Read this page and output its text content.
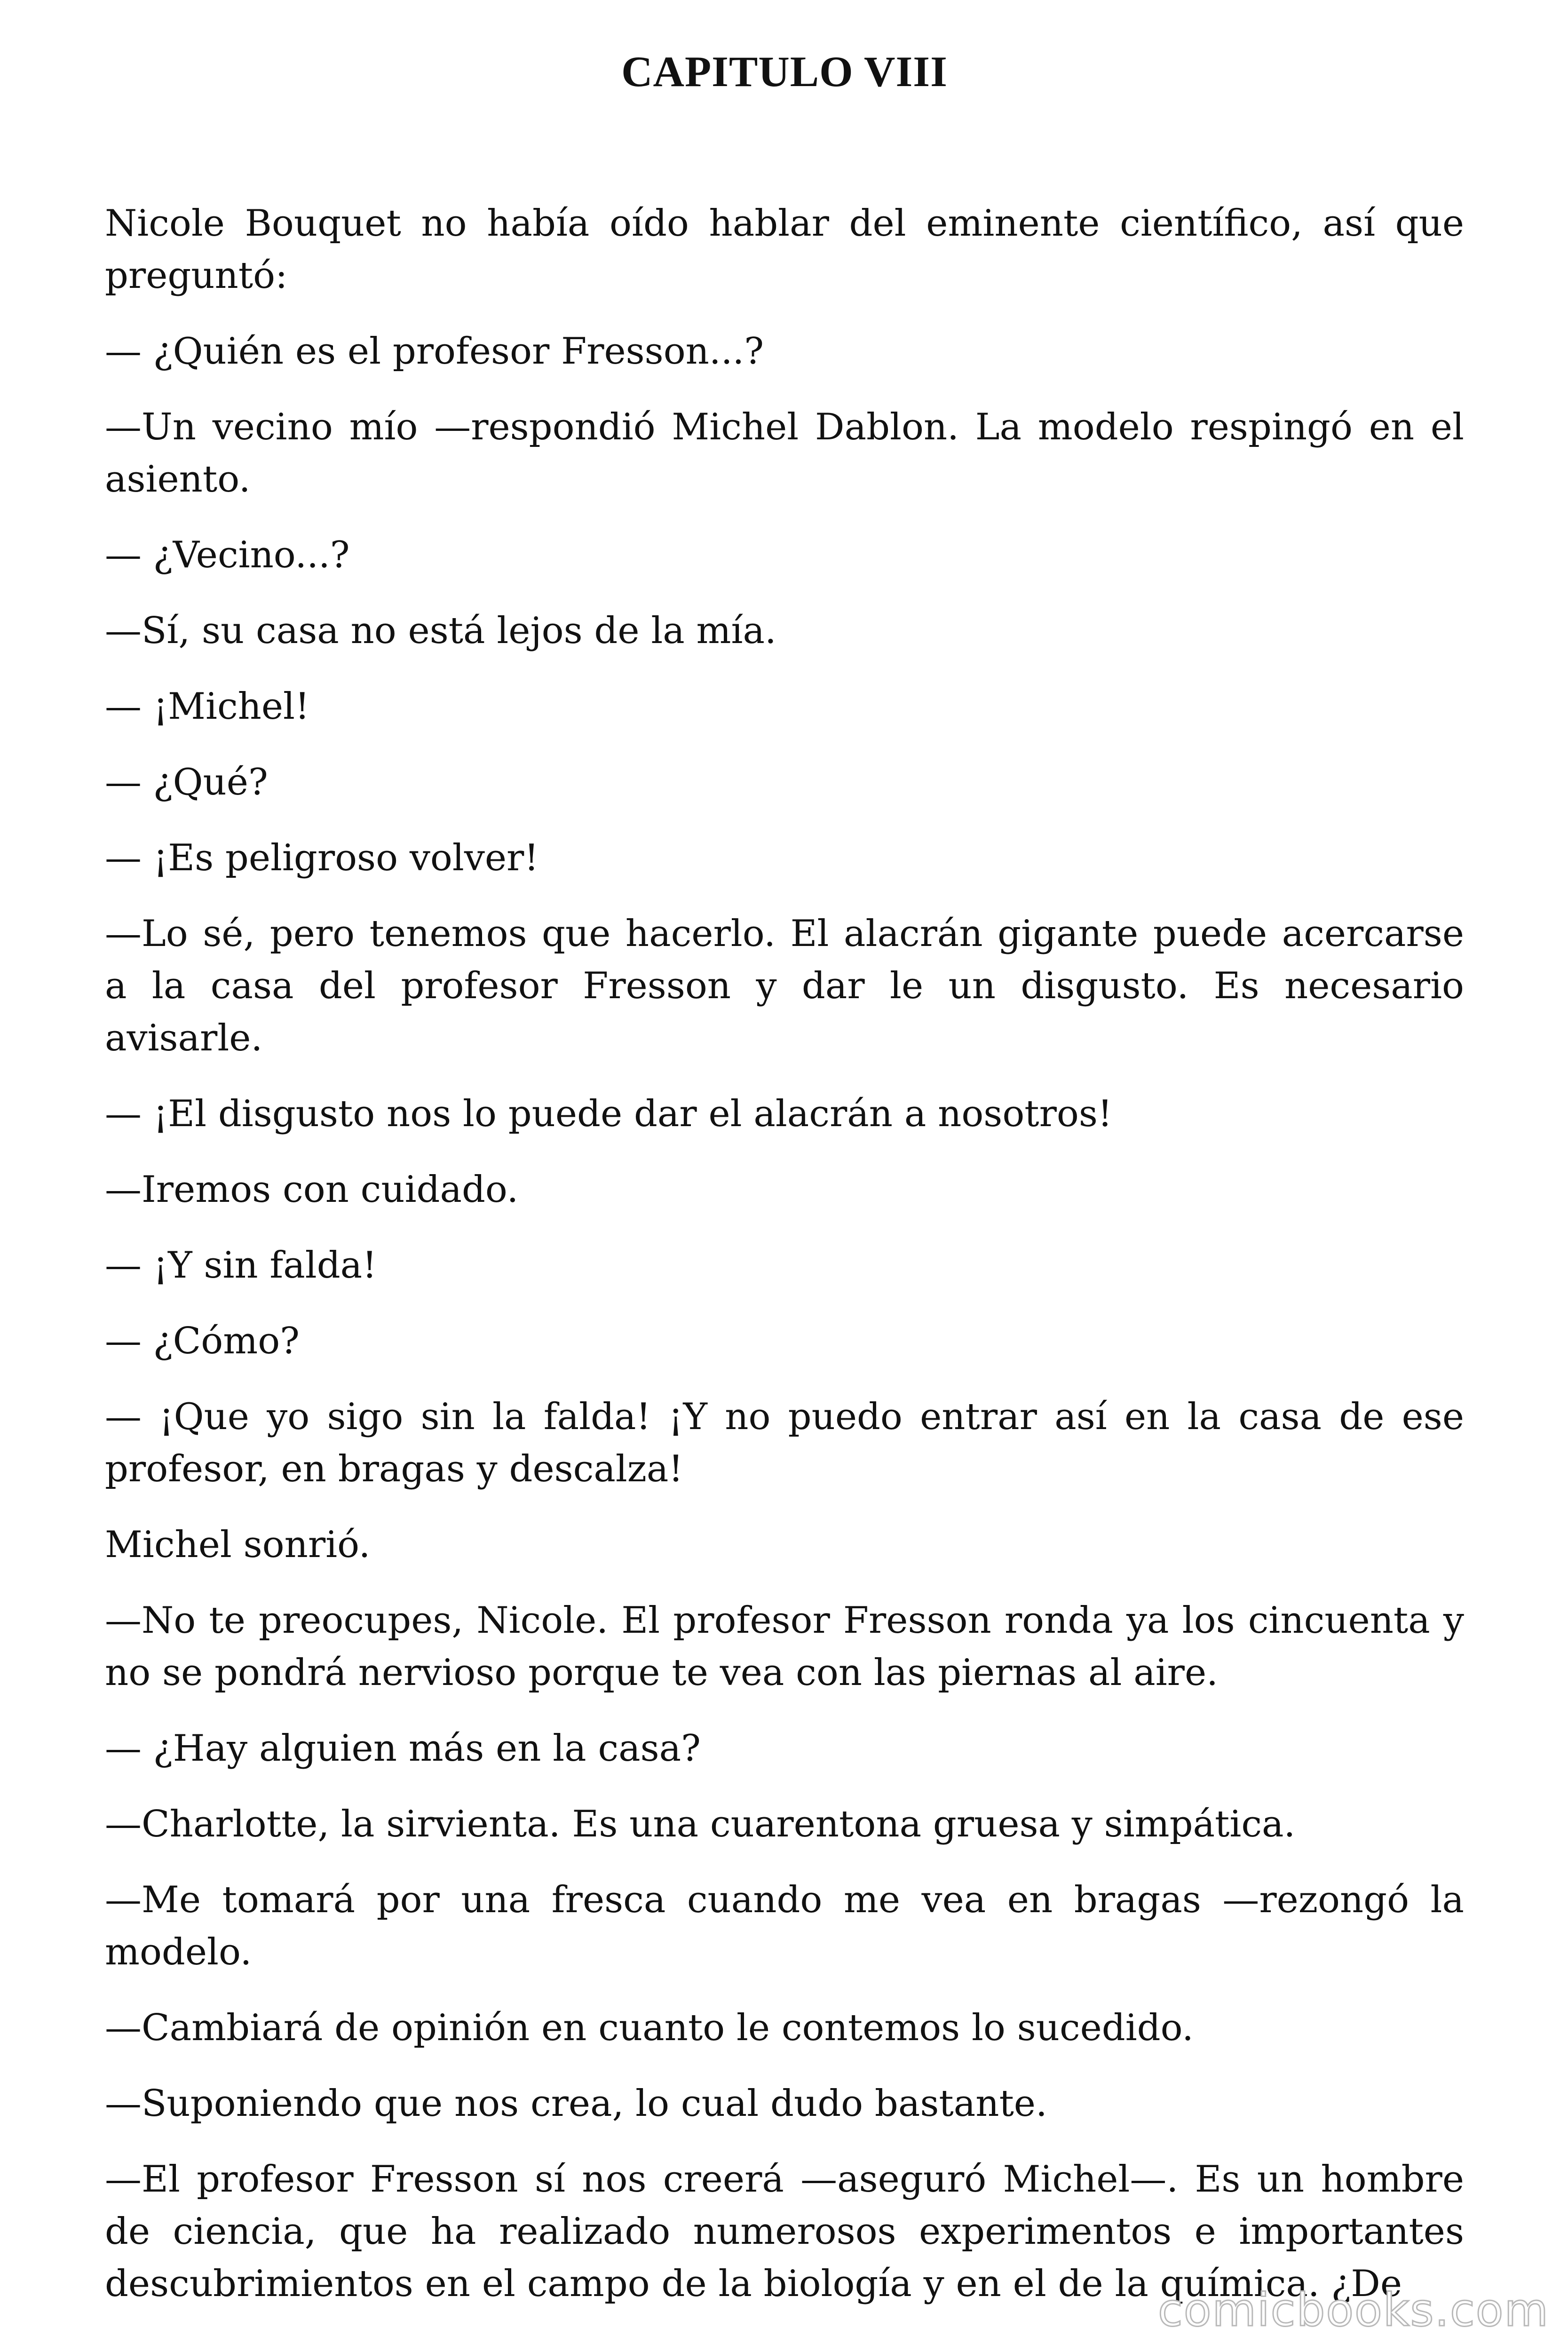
CAPITULO VIII

Nicole Bouquet no había oído hablar del eminente científico, así que preguntó:

— ¿Quién es el profesor Fresson...?

—Un vecino mío —respondió Michel Dablon. La modelo respingó en el asiento.

— ¿Vecino...?

—Sí, su casa no está lejos de la mía.

— ¡Michel!

— ¿Qué?

— ¡Es peligroso volver!

—Lo sé, pero tenemos que hacerlo. El alacrán gigante puede acercarse a la casa del profesor Fresson y dar le un disgusto. Es necesario avisarle.

— ¡El disgusto nos lo puede dar el alacrán a nosotros!

—Iremos con cuidado.

— ¡Y sin falda!

— ¿Cómo?

— ¡Que yo sigo sin la falda! ¡Y no puedo entrar así en la casa de ese profesor, en bragas y descalza!

Michel sonrió.

—No te preocupes, Nicole. El profesor Fresson ronda ya los cincuenta y no se pondrá nervioso porque te vea con las piernas al aire.

— ¿Hay alguien más en la casa?

—Charlotte, la sirvienta. Es una cuarentona gruesa y simpática.

—Me tomará por una fresca cuando me vea en bragas —rezongó la modelo.

—Cambiará de opinión en cuanto le contemos lo sucedido.

—Suponiendo que nos crea, lo cual dudo bastante.

—El profesor Fresson sí nos creerá —aseguró Michel—. Es un hombre de ciencia, que ha realizado numerosos experimentos e importantes descubrimientos en el campo de la biología y en el de la química. ¿De

comicbooks.com
